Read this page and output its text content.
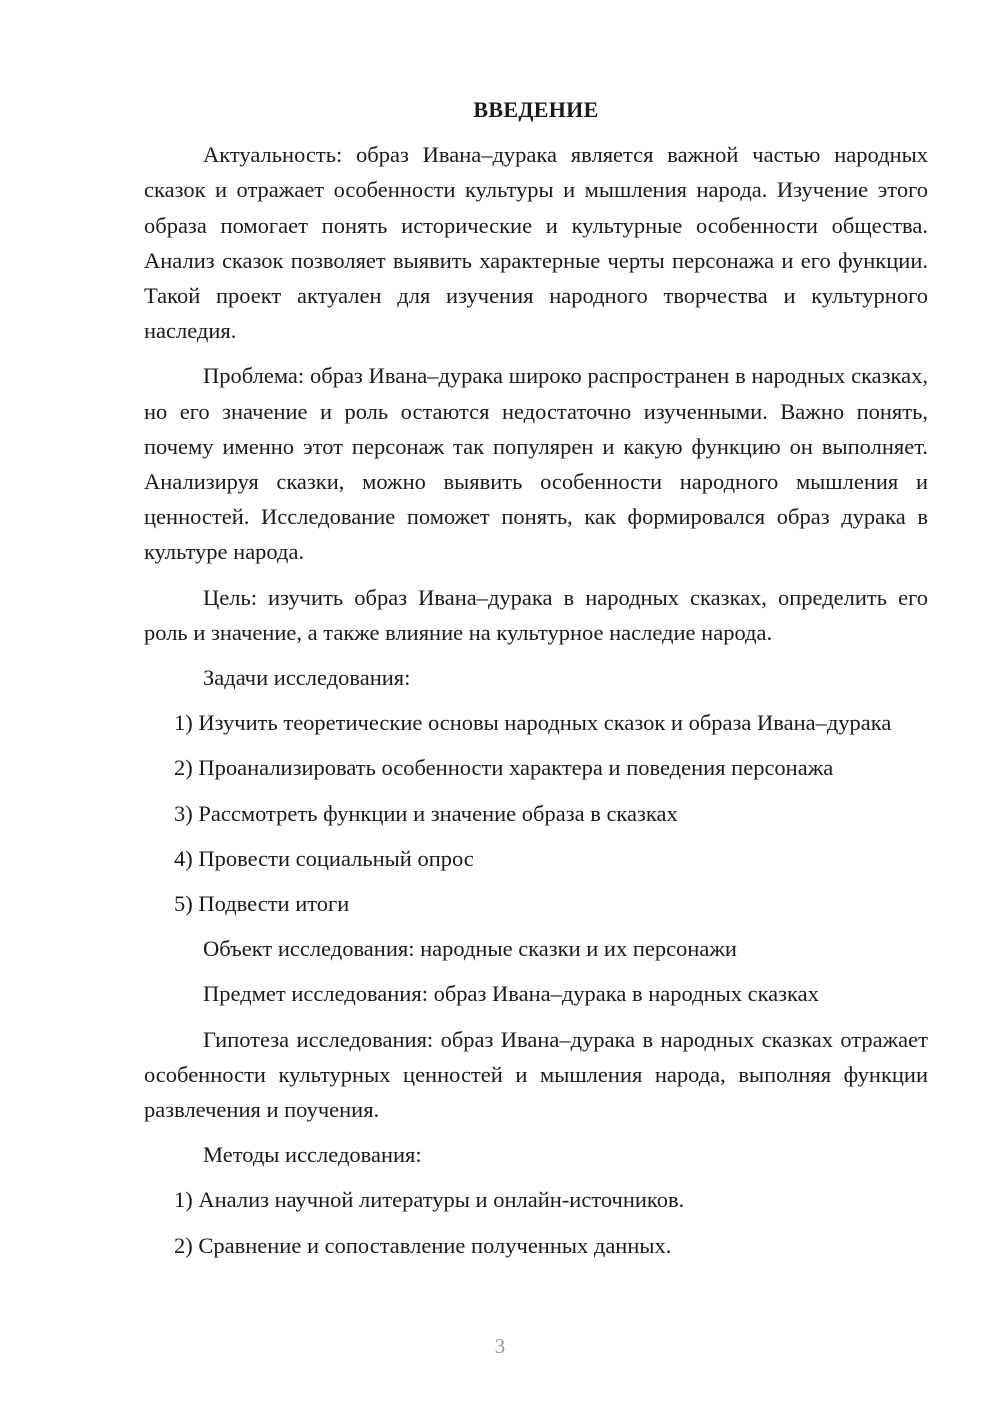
ВВЕДЕНИЕ
Актуальность: образ Ивана–дурака является важной частью народных сказок и отражает особенности культуры и мышления народа. Изучение этого образа помогает понять исторические и культурные особенности общества. Анализ сказок позволяет выявить характерные черты персонажа и его функции. Такой проект актуален для изучения народного творчества и культурного наследия.
Проблема: образ Ивана–дурака широко распространен в народных сказках, но его значение и роль остаются недостаточно изученными. Важно понять, почему именно этот персонаж так популярен и какую функцию он выполняет. Анализируя сказки, можно выявить особенности народного мышления и ценностей. Исследование поможет понять, как формировался образ дурака в культуре народа.
Цель: изучить образ Ивана–дурака в народных сказках, определить его роль и значение, а также влияние на культурное наследие народа.
Задачи исследования:
1) Изучить теоретические основы народных сказок и образа Ивана–дурака
2) Проанализировать особенности характера и поведения персонажа
3) Рассмотреть функции и значение образа в сказках
4) Провести социальный опрос
5) Подвести итоги
Объект исследования: народные сказки и их персонажи
Предмет исследования: образ Ивана–дурака в народных сказках
Гипотеза исследования: образ Ивана–дурака в народных сказках отражает особенности культурных ценностей и мышления народа, выполняя функции развлечения и поучения.
Методы исследования:
1) Анализ научной литературы и онлайн-источников.
2) Сравнение и сопоставление полученных данных.
3
